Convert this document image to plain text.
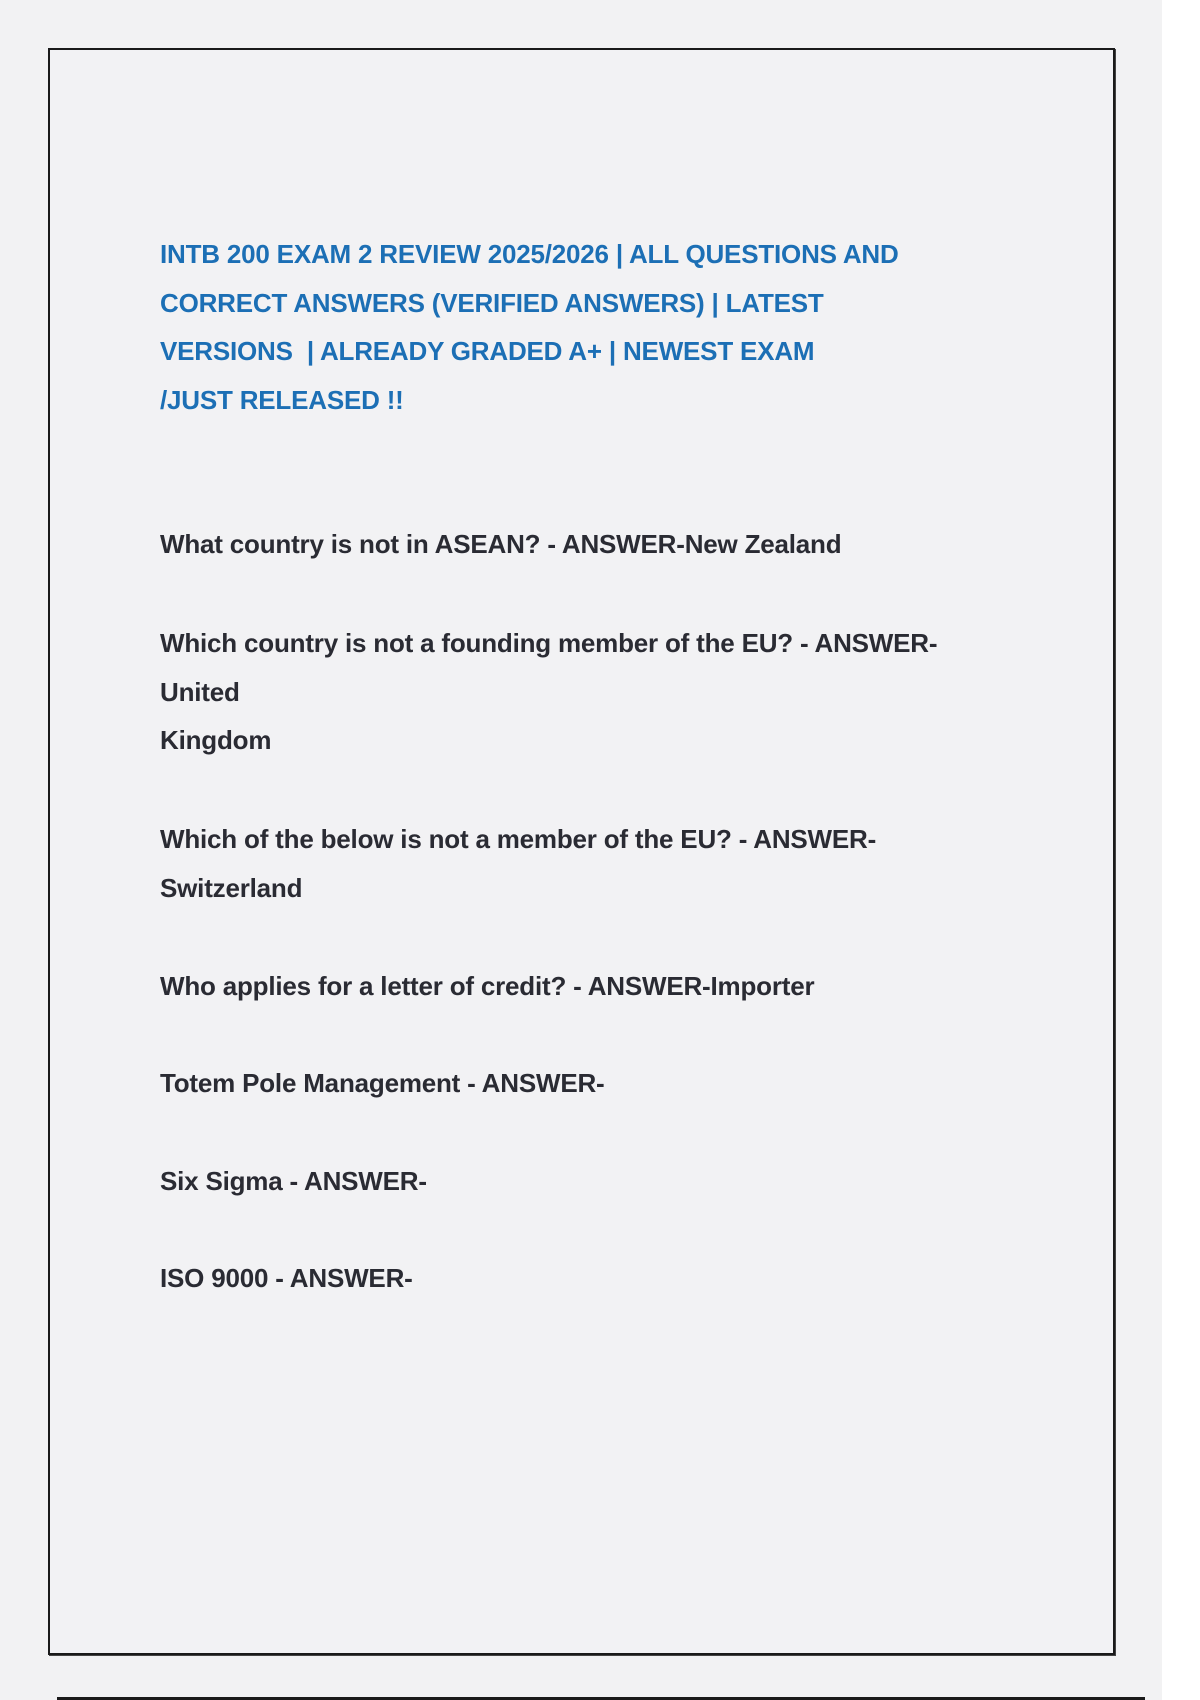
INTB 200 EXAM 2 REVIEW 2025/2026 | ALL QUESTIONS AND
CORRECT ANSWERS (VERIFIED ANSWERS) | LATEST
VERSIONS  | ALREADY GRADED A+ | NEWEST EXAM
/JUST RELEASED !!
What country is not in ASEAN? - ANSWER-New Zealand
Which country is not a founding member of the EU? - ANSWER-
United
Kingdom
Which of the below is not a member of the EU? - ANSWER-
Switzerland
Who applies for a letter of credit? - ANSWER-Importer
Totem Pole Management - ANSWER-
Six Sigma - ANSWER-
ISO 9000 - ANSWER-
